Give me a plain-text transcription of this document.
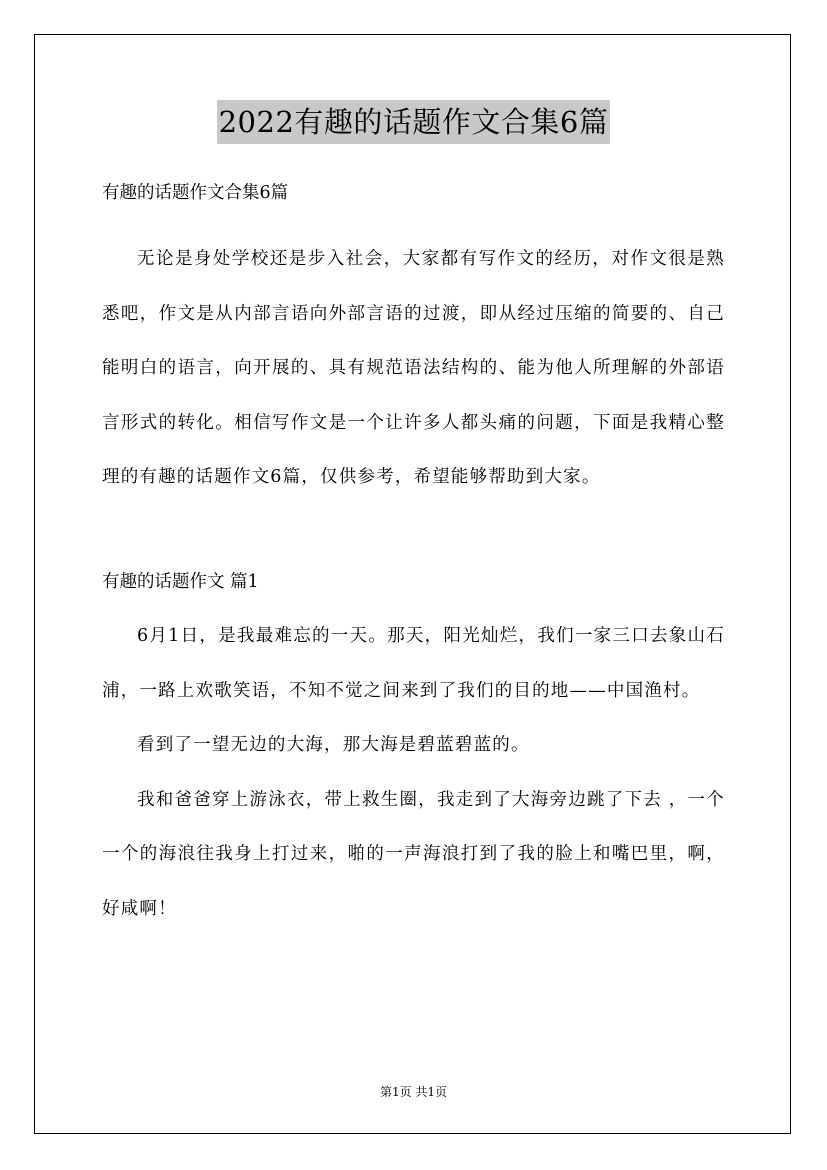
2022有趣的话题作文合集6篇

有趣的话题作文合集6篇

无论是身处学校还是步入社会，大家都有写作文的经历，对作文很是熟悉吧，作文是从内部言语向外部言语的过渡，即从经过压缩的简要的、自己能明白的语言，向开展的、具有规范语法结构的、能为他人所理解的外部语言形式的转化。相信写作文是一个让许多人都头痛的问题，下面是我精心整理的有趣的话题作文6篇，仅供参考，希望能够帮助到大家。

有趣的话题作文 篇1

6月1日，是我最难忘的一天。那天，阳光灿烂，我们一家三口去象山石浦，一路上欢歌笑语，不知不觉之间来到了我们的目的地——中国渔村。

看到了一望无边的大海，那大海是碧蓝碧蓝的。

我和爸爸穿上游泳衣，带上救生圈，我走到了大海旁边跳了下去 ，一个一个的海浪往我身上打过来，啪的一声海浪打到了我的脸上和嘴巴里，啊，好咸啊！

第1页 共1页
